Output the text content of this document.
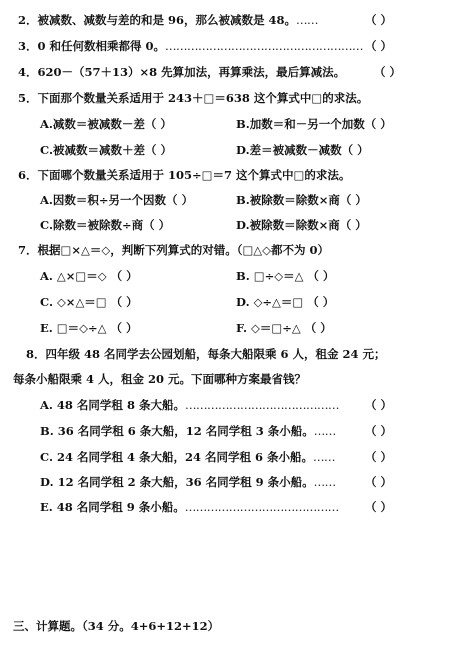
2．被减数、减数与差的和是 96，那么被减数是 48。……	（ ）
3．0 和任何数相乘都得 0。……………………………………………… （ ）
4．620－（57＋13）×8 先算加法，再算乘法，最后算减法。	（ ）
5．下面那个数量关系适用于 243＋□＝638 这个算式中□的求法。
A.减数＝被减数－差（ ）	B.加数＝和－另一个加数（ ）
C.被减数＝减数＋差（ ）	D.差＝被减数－减数（ ）
6．下面哪个数量关系适用于 105÷□＝7 这个算式中□的求法。
A.因数＝积÷另一个因数（ ）	B.被除数＝除数×商（ ）
C.除数＝被除数÷商（ ）	D.被除数＝除数×商（ ）
7．根据□×△＝◇，判断下列算式的对错。（□△◇都不为 0）
A. △×□＝◇ （ ）	B. □÷◇＝△ （ ）
C. ◇×△＝□ （ ）	D. ◇÷△＝□ （ ）
E. □＝◇÷△ （ ）	F. ◇＝□÷△ （ ）
8．四年级 48 名同学去公园划船，每条大船限乘 6 人，租金 24 元；
每条小船限乘 4 人，租金 20 元。下面哪种方案最省钱？
A. 48 名同学租 8 条大船。…………………………………… （ ）
B. 36 名同学租 6 条大船，12 名同学租 3 条小船。……	（ ）
C. 24 名同学租 4 条大船，24 名同学租 6 条小船。……	（ ）
D. 12 名同学租 2 条大船，36 名同学租 9 条小船。……	（ ）
E. 48 名同学租 9 条小船。…………………………………… （ ）
三、计算题。（34 分。4+6+12+12）
